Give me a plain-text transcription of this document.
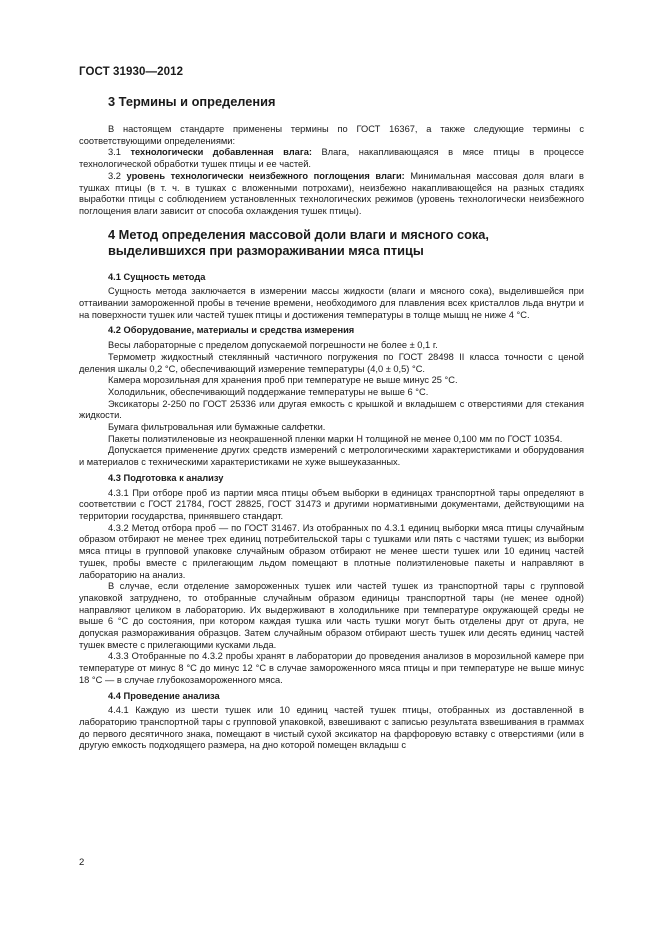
ГОСТ 31930—2012
3 Термины и определения

В настоящем стандарте применены термины по ГОСТ 16367, а также следующие термины с соответствующими определениями:

3.1 технологически добавленная влага: Влага, накапливающаяся в мясе птицы в процессе технологической обработки тушек птицы и ее частей.

3.2 уровень технологически неизбежного поглощения влаги: Минимальная массовая доля влаги в тушках птицы (в т. ч. в тушках с вложенными потрохами), неизбежно накапливающейся на разных стадиях выработки птицы с соблюдением установленных технологических режимов (уровень технологически неизбежного поглощения влаги зависит от способа охлаждения тушек птицы).

4 Метод определения массовой доли влаги и мясного сока,
выделившихся при размораживании мяса птицы
4.1 Сущность метода

Сущность метода заключается в измерении массы жидкости (влаги и мясного сока), выделившейся при оттаивании замороженной пробы в течение времени, необходимого для плавления всех кристаллов льда внутри и на поверхности тушек или частей тушек птицы и достижения температуры в толще мышц не ниже 4 °С.

4.2 Оборудование, материалы и средства измерения

Весы лабораторные с пределом допускаемой погрешности не более ± 0,1 г.

Термометр жидкостный стеклянный частичного погружения по ГОСТ 28498 II класса точности с ценой деления шкалы 0,2 °С, обеспечивающий измерение температуры (4,0 ± 0,5) °С.

Камера морозильная для хранения проб при температуре не выше минус 25 °С.

Холодильник, обеспечивающий поддержание температуры не выше 6 °С.

Эксикаторы 2-250 по ГОСТ 25336 или другая емкость с крышкой и вкладышем с отверстиями для стекания жидкости.

Бумага фильтровальная или бумажные салфетки.

Пакеты полиэтиленовые из неокрашенной пленки марки Н толщиной не менее 0,100 мм по ГОСТ 10354.

Допускается применение других средств измерений с метрологическими характеристиками и оборудования и материалов с техническими характеристиками не хуже вышеуказанных.

4.3 Подготовка к анализу

4.3.1 При отборе проб из партии мяса птицы объем выборки в единицах транспортной тары определяют в соответствии с ГОСТ 21784, ГОСТ 28825, ГОСТ 31473 и другими нормативными документами, действующими на территории государства, принявшего стандарт.

4.3.2 Метод отбора проб — по ГОСТ 31467. Из отобранных по 4.3.1 единиц выборки мяса птицы случайным образом отбирают не менее трех единиц потребительской тары с тушками или пять с частями тушек; из выборки мяса птицы в групповой упаковке случайным образом отбирают не менее шести тушек или 10 единиц частей тушек, пробы вместе с прилегающим льдом помещают в плотные полиэтиленовые пакеты и направляют в лабораторию на анализ.

В случае, если отделение замороженных тушек или частей тушек из транспортной тары с групповой упаковкой затруднено, то отобранные случайным образом единицы транспортной тары (не менее одной) направляют целиком в лабораторию. Их выдерживают в холодильнике при температуре окружающей среды не выше 6 °С до состояния, при котором каждая тушка или часть тушки могут быть отделены друг от друга, не допуская размораживания образцов. Затем случайным образом отбирают шесть тушек или десять единиц частей тушек вместе с прилегающими кусками льда.

4.3.3 Отобранные по 4.3.2 пробы хранят в лаборатории до проведения анализов в морозильной камере при температуре от минус 8 °С до минус 12 °С в случае замороженного мяса птицы и при температуре не выше минус 18 °С — в случае глубокозамороженного мяса.

4.4 Проведение анализа

4.4.1 Каждую из шести тушек или 10 единиц частей тушек птицы, отобранных из доставленной в лабораторию транспортной тары с групповой упаковкой, взвешивают с записью результата взвешивания в граммах до первого десятичного знака, помещают в чистый сухой эксикатор на фарфоровую вставку с отверстиями (или в другую емкость подходящего размера, на дно которой помещен вкладыш с

2
